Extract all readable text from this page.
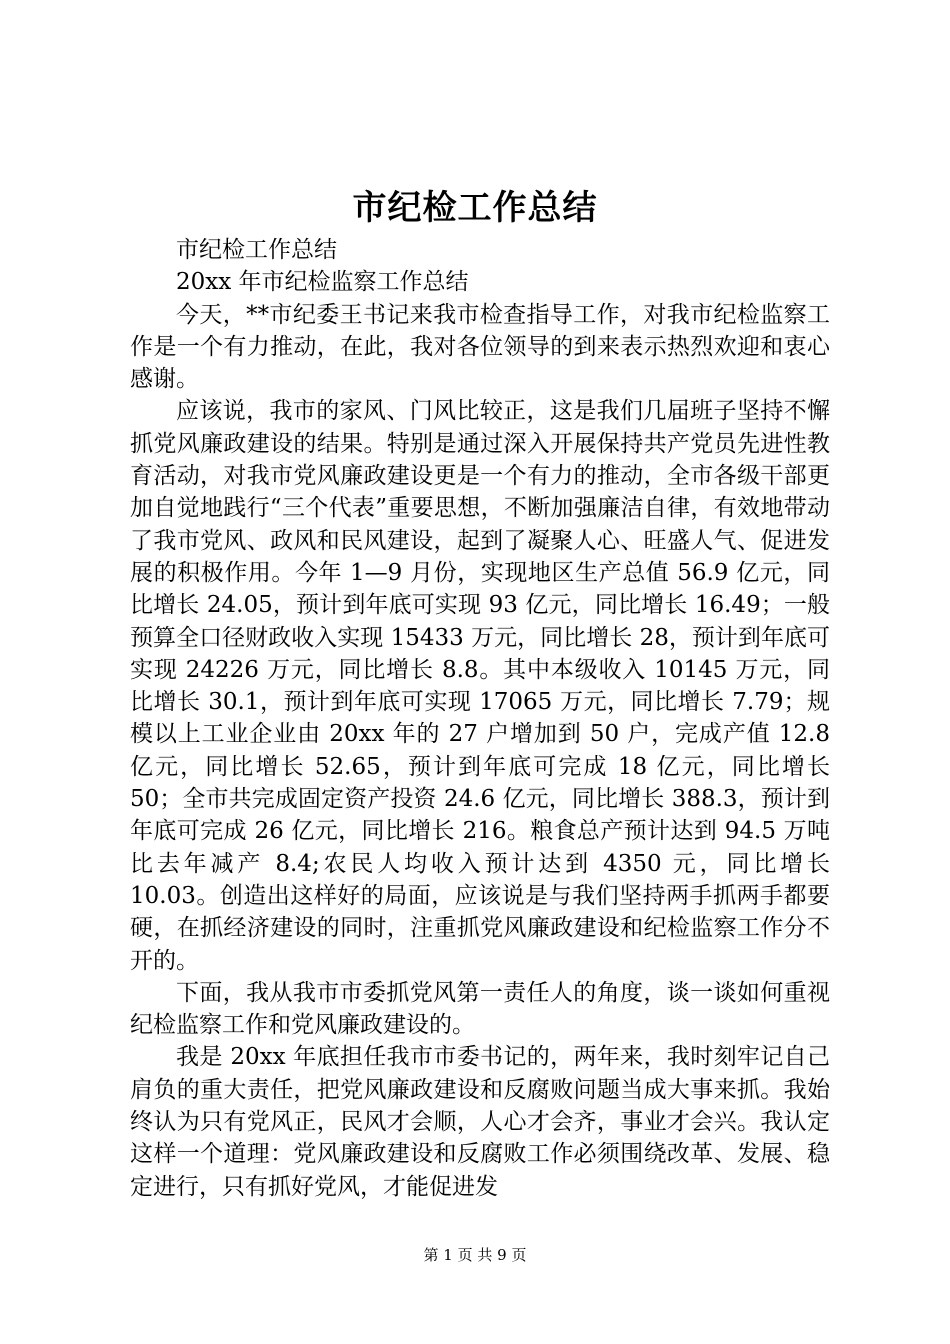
市纪检工作总结

市纪检工作总结

20xx 年市纪检监察工作总结

今天，**市纪委王书记来我市检查指导工作，对我市纪检监察工作是一个有力推动，在此，我对各位领导的到来表示热烈欢迎和衷心感谢。

应该说，我市的家风、门风比较正，这是我们几届班子坚持不懈抓党风廉政建设的结果。特别是通过深入开展保持共产党员先进性教育活动，对我市党风廉政建设更是一个有力的推动，全市各级干部更加自觉地践行“三个代表”重要思想，不断加强廉洁自律，有效地带动了我市党风、政风和民风建设，起到了凝聚人心、旺盛人气、促进发展的积极作用。今年 1—9 月份，实现地区生产总值 56.9 亿元，同比增长 24.05，预计到年底可实现 93 亿元，同比增长 16.49；一般预算全口径财政收入实现 15433 万元，同比增长 28，预计到年底可实现 24226 万元，同比增长 8.8。其中本级收入 10145 万元，同比增长 30.1，预计到年底可实现 17065 万元，同比增长 7.79；规模以上工业企业由 20xx 年的 27 户增加到 50 户，完成产值 12.8 亿元，同比增长 52.65，预计到年底可完成 18 亿元，同比增长 50；全市共完成固定资产投资 24.6 亿元，同比增长 388.3，预计到年底可完成 26 亿元，同比增长 216。粮食总产预计达到 94.5 万吨比去年减产 8.4;农民人均收入预计达到 4350 元，同比增长 10.03。创造出这样好的局面，应该说是与我们坚持两手抓两手都要硬，在抓经济建设的同时，注重抓党风廉政建设和纪检监察工作分不开的。

下面，我从我市市委抓党风第一责任人的角度，谈一谈如何重视纪检监察工作和党风廉政建设的。

我是 20xx 年底担任我市市委书记的，两年来，我时刻牢记自己肩负的重大责任，把党风廉政建设和反腐败问题当成大事来抓。我始终认为只有党风正，民风才会顺，人心才会齐，事业才会兴。我认定这样一个道理：党风廉政建设和反腐败工作必须围绕改革、发展、稳定进行，只有抓好党风，才能促进发

第 1 页 共 9 页
